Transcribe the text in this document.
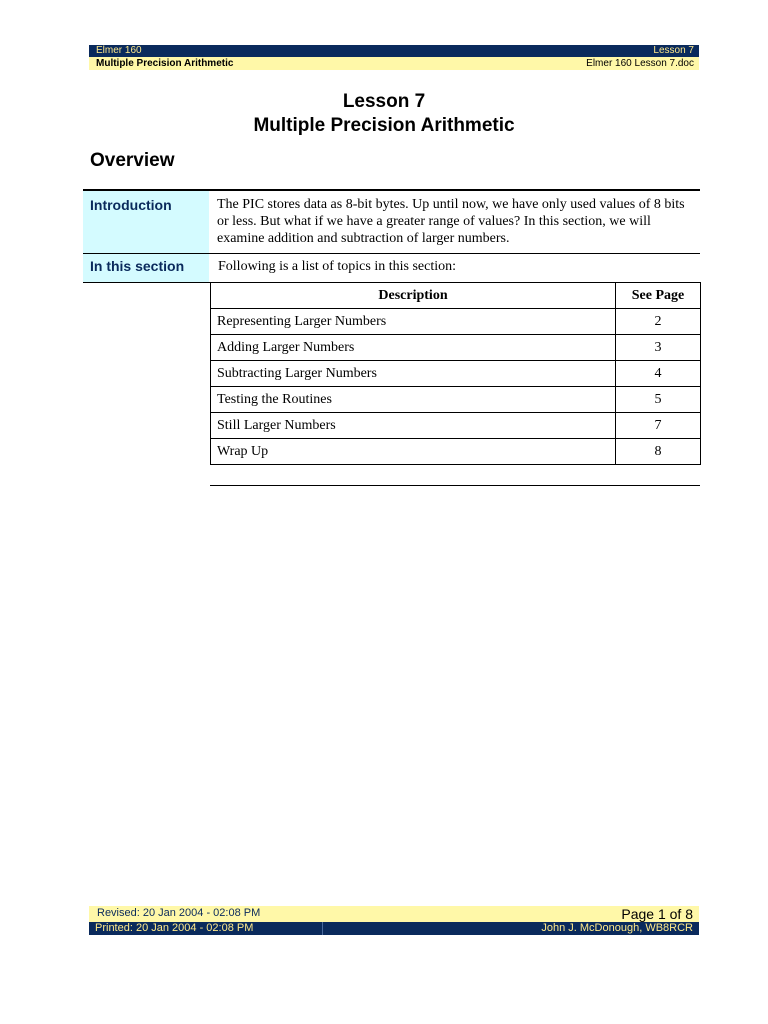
Elmer 160	Lesson 7
Multiple Precision Arithmetic	Elmer 160 Lesson 7.doc
Lesson 7
Multiple Precision Arithmetic
Overview
Introduction	The PIC stores data as 8-bit bytes. Up until now, we have only used values of 8 bits or less. But what if we have a greater range of values? In this section, we will examine addition and subtraction of larger numbers.
In this section	Following is a list of topics in this section:
Description	See Page
Representing Larger Numbers	2
Adding Larger Numbers	3
Subtracting Larger Numbers	4
Testing the Routines	5
Still Larger Numbers	7
Wrap Up	8
Revised: 20 Jan 2004 - 02:08 PM	Page 1 of 8
Printed: 20 Jan 2004 - 02:08 PM	John J. McDonough, WB8RCR
